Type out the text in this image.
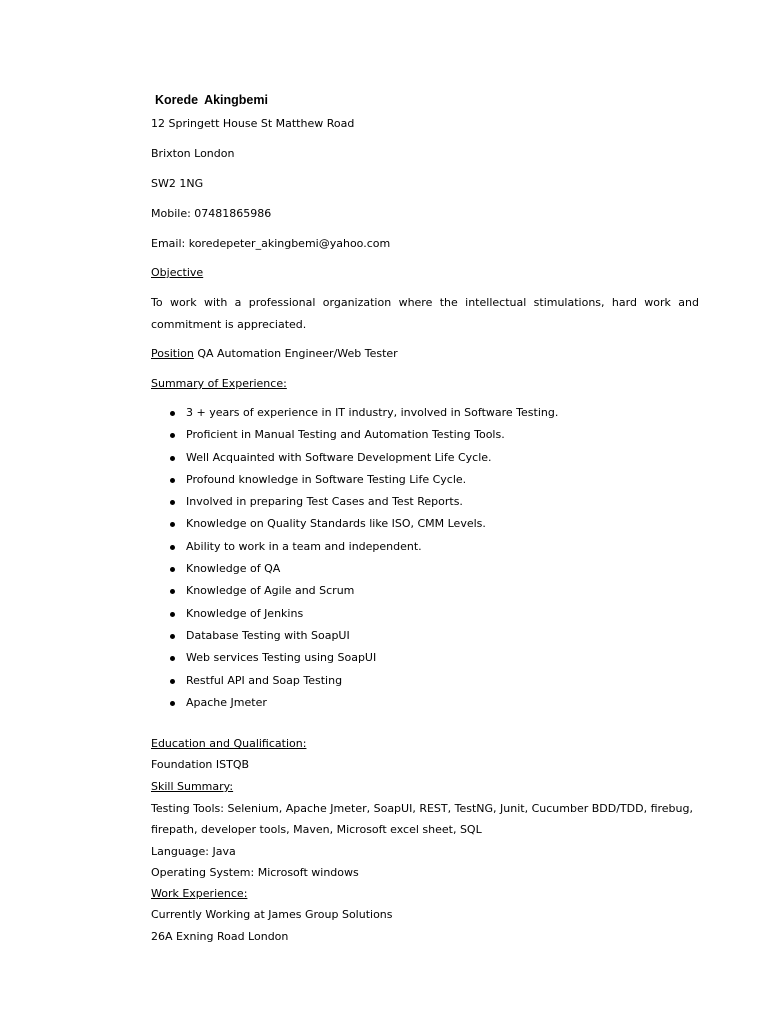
Korede Akingbemi
12 Springett House St Matthew Road
Brixton London
SW2 1NG
Mobile: 07481865986
Email: koredepeter_akingbemi@yahoo.com
Objective
To work with a professional organization where the intellectual stimulations, hard work and commitment is appreciated.
Position QA Automation Engineer/Web Tester
Summary of Experience:
3 + years of experience in IT industry, involved in Software Testing.
Proficient in Manual Testing and Automation Testing Tools.
Well Acquainted with Software Development Life Cycle.
Profound knowledge in Software Testing Life Cycle.
Involved in preparing Test Cases and Test Reports.
Knowledge on Quality Standards like ISO, CMM Levels.
Ability to work in a team and independent.
Knowledge of QA
Knowledge of Agile and Scrum
Knowledge of Jenkins
Database Testing with SoapUI
Web services Testing using SoapUI
Restful API and Soap Testing
Apache Jmeter
Education and Qualification:
Foundation ISTQB
Skill Summary:
Testing Tools: Selenium, Apache Jmeter, SoapUI, REST, TestNG, Junit, Cucumber BDD/TDD, firebug,
firepath, developer tools, Maven, Microsoft excel sheet, SQL
Language: Java
Operating System: Microsoft windows
Work Experience:
Currently Working at James Group Solutions
26A Exning Road London
